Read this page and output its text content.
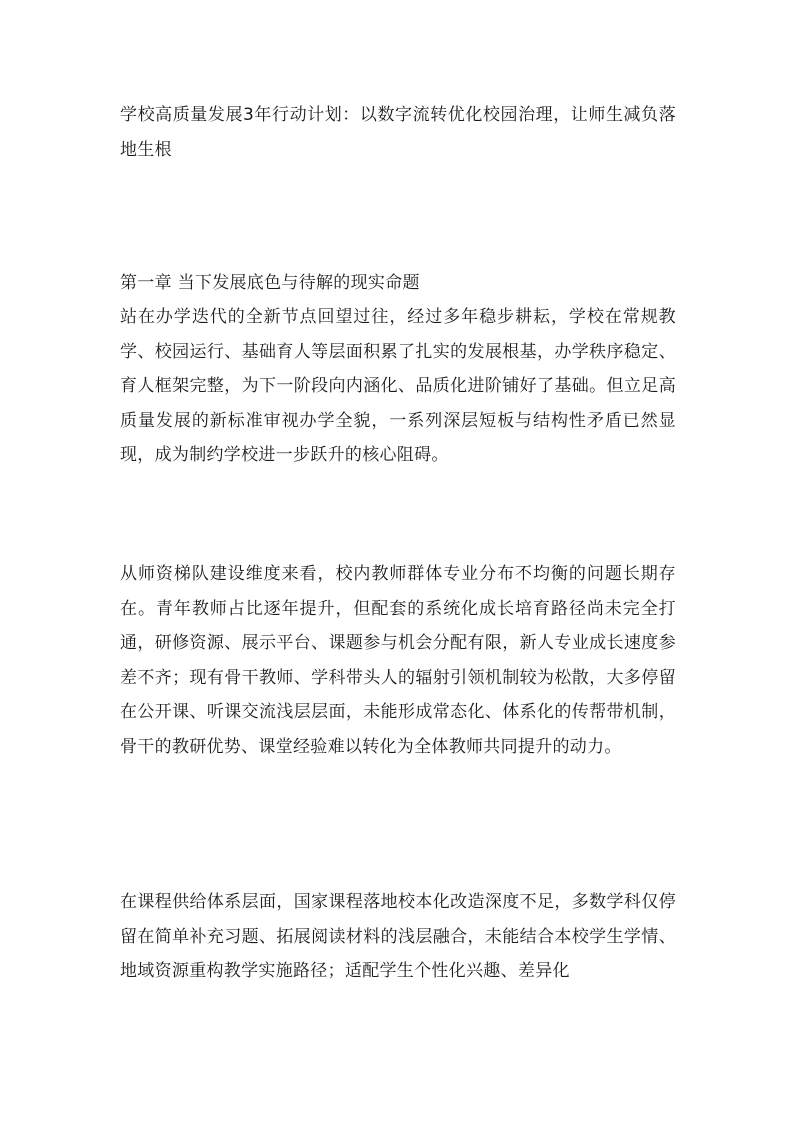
学校高质量发展3年行动计划：以数字流转优化校园治理，让师生减负落地生根

第一章 当下发展底色与待解的现实命题

站在办学迭代的全新节点回望过往，经过多年稳步耕耘，学校在常规教学、校园运行、基础育人等层面积累了扎实的发展根基，办学秩序稳定、育人框架完整，为下一阶段向内涵化、品质化进阶铺好了基础。但立足高质量发展的新标准审视办学全貌，一系列深层短板与结构性矛盾已然显现，成为制约学校进一步跃升的核心阻碍。

从师资梯队建设维度来看，校内教师群体专业分布不均衡的问题长期存在。青年教师占比逐年提升，但配套的系统化成长培育路径尚未完全打通，研修资源、展示平台、课题参与机会分配有限，新人专业成长速度参差不齐；现有骨干教师、学科带头人的辐射引领机制较为松散，大多停留在公开课、听课交流浅层层面，未能形成常态化、体系化的传帮带机制，骨干的教研优势、课堂经验难以转化为全体教师共同提升的动力。

在课程供给体系层面，国家课程落地校本化改造深度不足，多数学科仅停留在简单补充习题、拓展阅读材料的浅层融合，未能结合本校学生学情、地域资源重构教学实施路径；适配学生个性化兴趣、差异化
